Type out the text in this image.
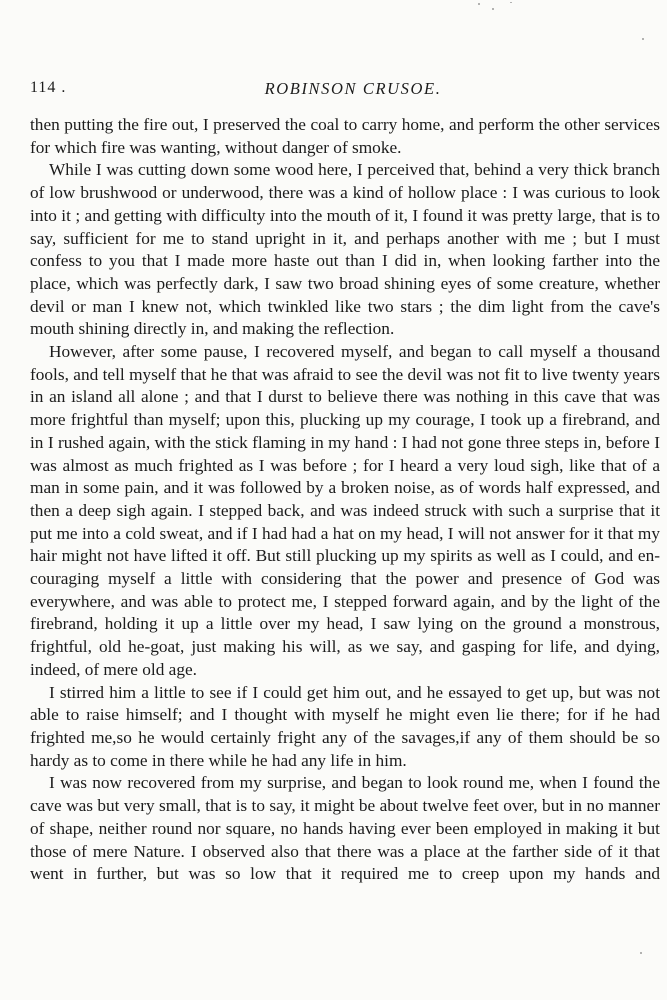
114 .	ROBINSON CRUSOE.

then putting the fire out, I preserved the coal to carry home, and perform the other services for which fire was wanting, without danger of smoke.

While I was cutting down some wood here, I perceived that, behind a very thick branch of low brushwood or underwood, there was a kind of hollow place : I was curious to look into it ; and getting with difficulty into the mouth of it, I found it was pretty large, that is to say, sufficient for me to stand upright in it, and perhaps another with me ; but I must confess to you that I made more haste out than I did in, when looking farther into the place, which was perfectly dark, I saw two broad shining eyes of some creature, whether devil or man I knew not, which twinkled like two stars ; the dim light from the cave's mouth shining directly in, and making the reflection.

However, after some pause, I recovered myself, and began to call myself a thousand fools, and tell myself that he that was afraid to see the devil was not fit to live twenty years in an island all alone ; and that I durst to believe there was nothing in this cave that was more frightful than myself; upon this, plucking up my courage, I took up a firebrand, and in I rushed again, with the stick flaming in my hand : I had not gone three steps in, before I was almost as much frighted as I was before ; for I heard a very loud sigh, like that of a man in some pain, and it was followed by a broken noise, as of words half expressed, and then a deep sigh again. I stepped back, and was indeed struck with such a surprise that it put me into a cold sweat, and if I had had a hat on my head, I will not answer for it that my hair might not have lifted it off. But still plucking up my spirits as well as I could, and en-couraging myself a little with considering that the power and presence of God was everywhere, and was able to protect me, I stepped forward again, and by the light of the firebrand, holding it up a little over my head, I saw lying on the ground a monstrous, frightful, old he-goat, just making his will, as we say, and gasping for life, and dying, indeed, of mere old age.

I stirred him a little to see if I could get him out, and he essayed to get up, but was not able to raise himself; and I thought with myself he might even lie there; for if he had frighted me,so he would certainly fright any of the savages,if any of them should be so hardy as to come in there while he had any life in him.

I was now recovered from my surprise, and began to look round me, when I found the cave was but very small, that is to say, it might be about twelve feet over, but in no manner of shape, neither round nor square, no hands having ever been employed in making it but those of mere Nature. I observed also that there was a place at the farther side of it that went in further, but was so low that it required me to creep upon my hands and
